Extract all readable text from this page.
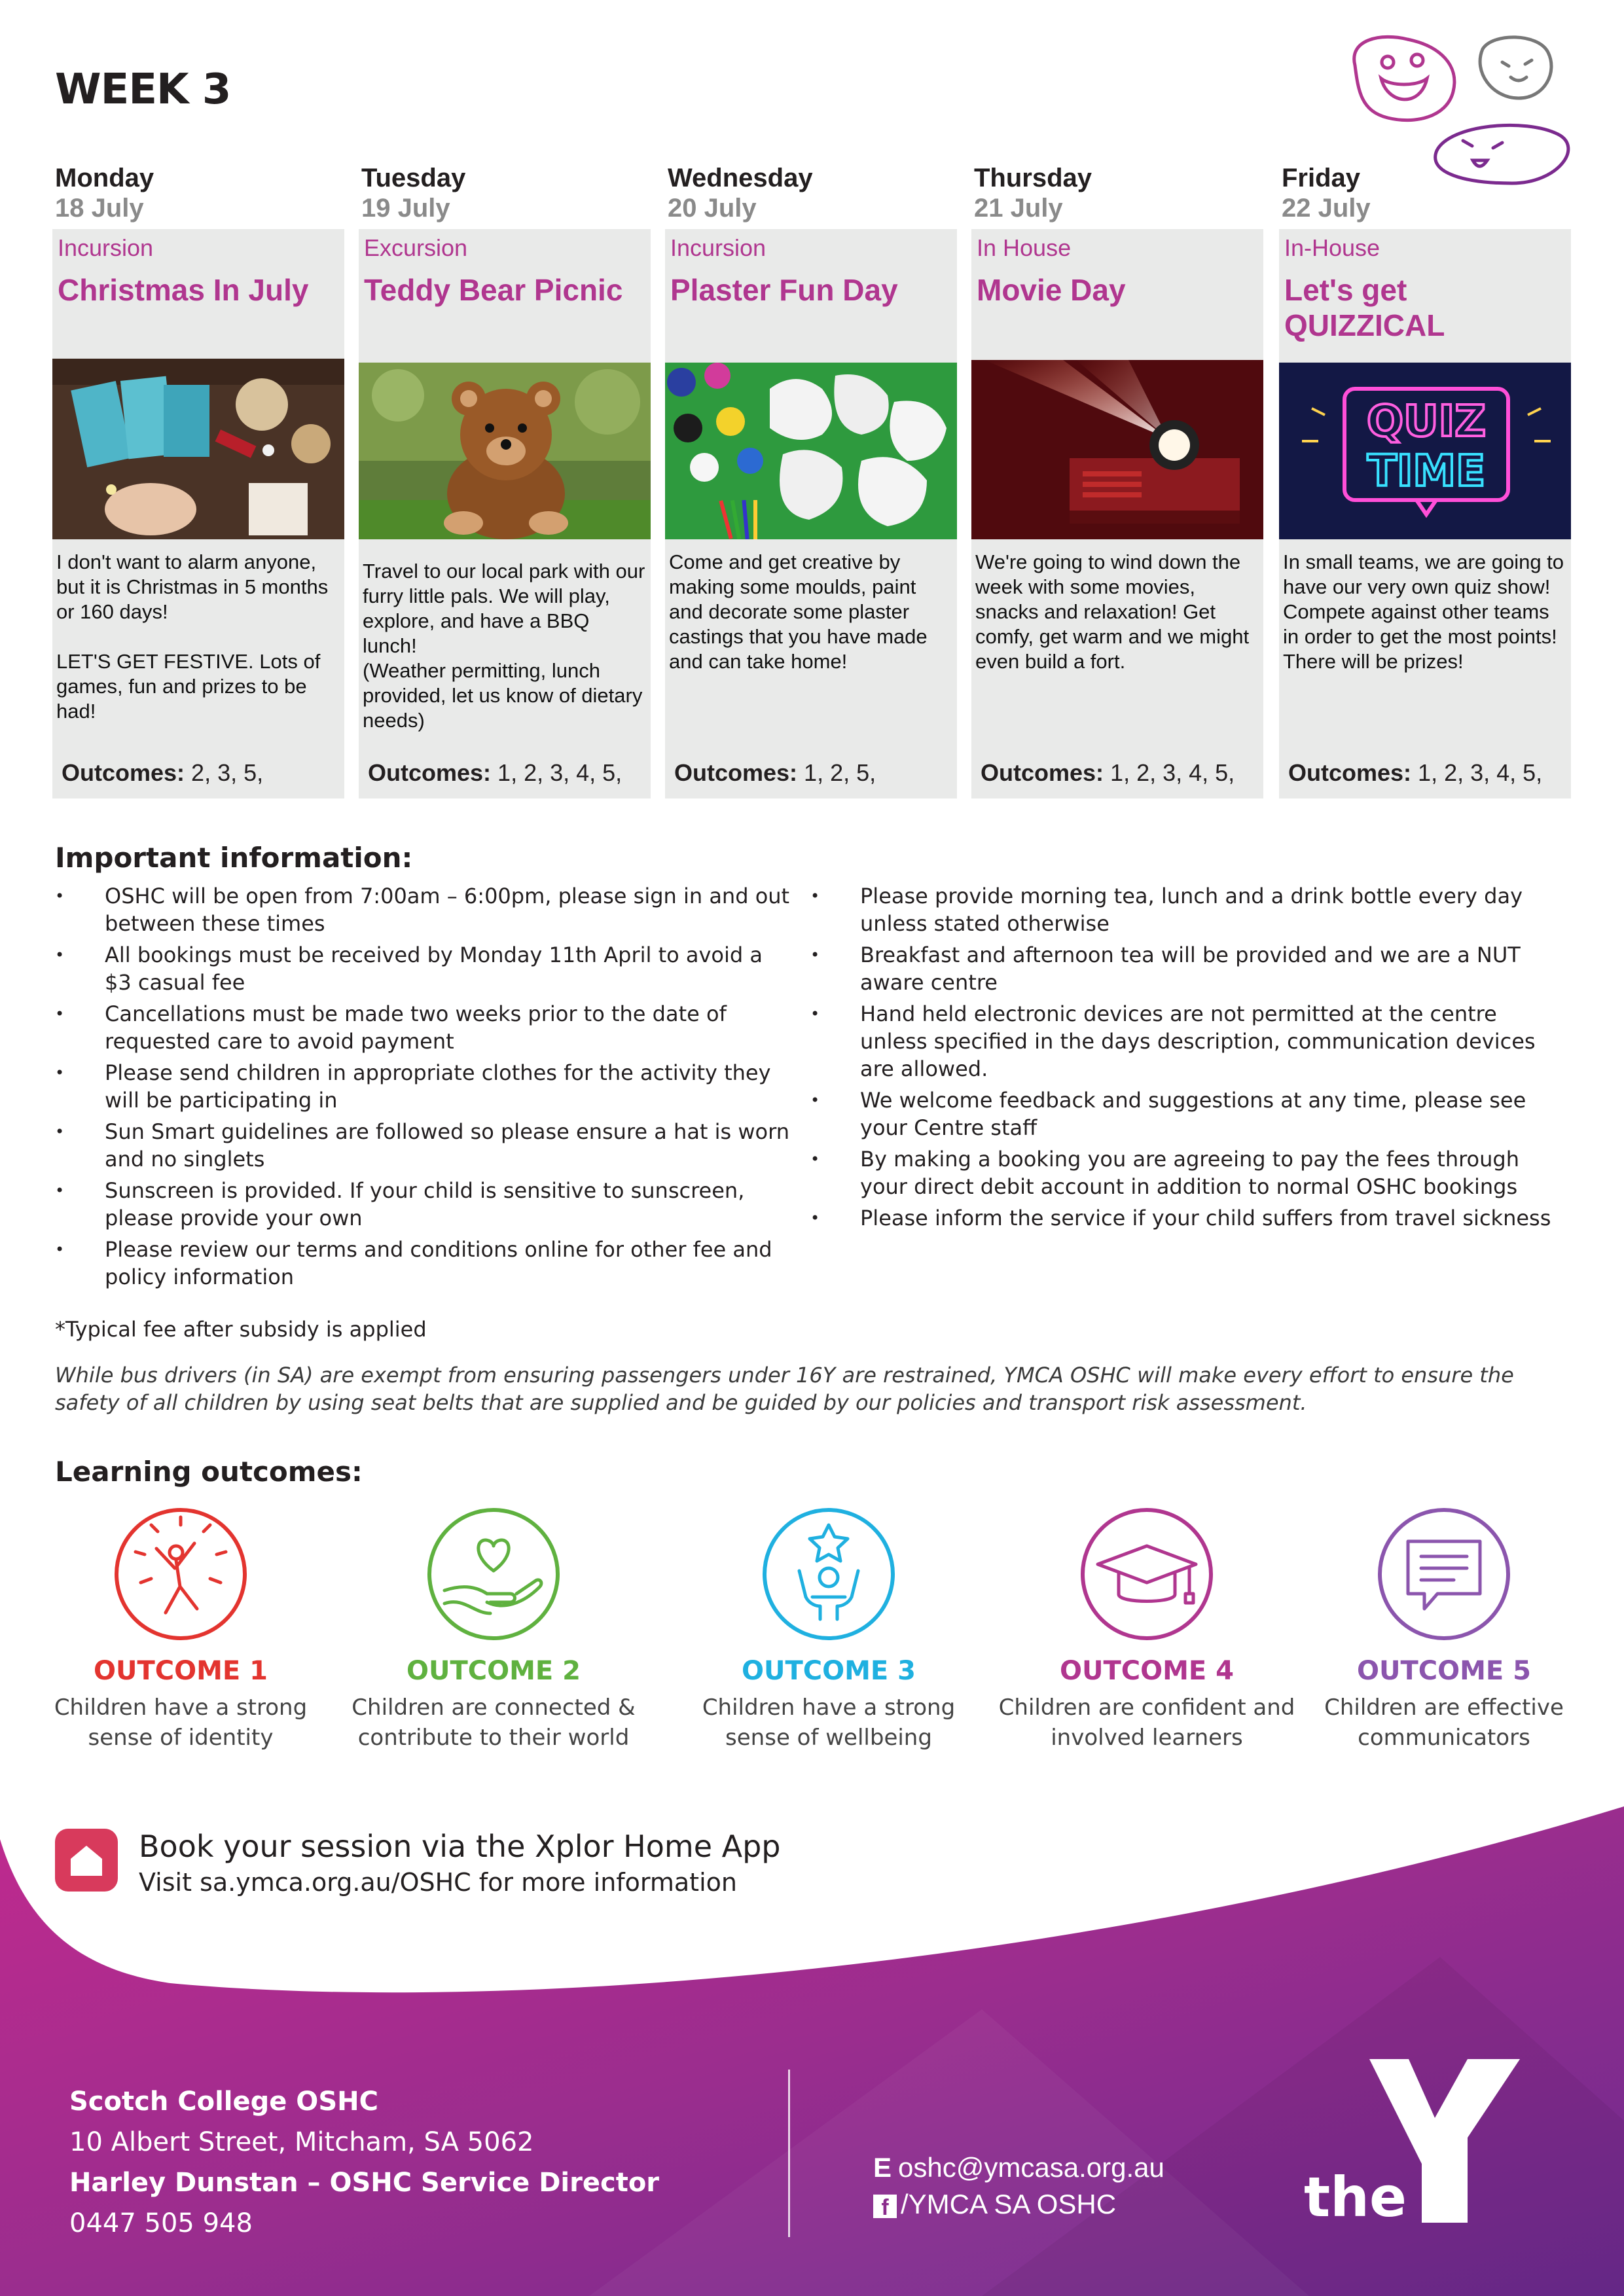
WEEK 3
Monday
18 July
Incursion
Christmas In July
I don't want to alarm anyone, but it is Christmas in 5 months or 160 days!

LET'S GET FESTIVE. Lots of games, fun and prizes to be had!
Outcomes: 2, 3, 5,
Tuesday
19 July
Excursion
Teddy Bear Picnic
Travel to our local park with our furry little pals. We will play, explore, and have a BBQ lunch!
(Weather permitting, lunch provided, let us know of dietary needs)
Outcomes: 1, 2, 3, 4, 5,
Wednesday
20 July
Incursion
Plaster Fun Day
Come and get creative by making some moulds, paint and decorate some plaster castings that you have made and can take home!
Outcomes: 1, 2, 5,
Thursday
21 July
In House
Movie Day
We're going to wind down the week with some movies, snacks and relaxation! Get comfy, get warm and we might even build a fort.
Outcomes: 1, 2, 3, 4, 5,
Friday
22 July
In-House
Let's get QUIZZICAL
QUIZ
TIME
In small teams, we are going to have our very own quiz show! Compete against other teams in order to get the most points! There will be prizes!
Outcomes: 1, 2, 3, 4, 5,
Important information:
• OSHC will be open from 7:00am – 6:00pm, please sign in and out between these times
• All bookings must be received by Monday 11th April to avoid a $3 casual fee
• Cancellations must be made two weeks prior to the date of requested care to avoid payment
• Please send children in appropriate clothes for the activity they will be participating in
• Sun Smart guidelines are followed so please ensure a hat is worn and no singlets
• Sunscreen is provided. If your child is sensitive to sunscreen, please provide your own
• Please review our terms and conditions online for other fee and policy information
• Please provide morning tea, lunch and a drink bottle every day unless stated otherwise
• Breakfast and afternoon tea will be provided and we are a NUT aware centre
• Hand held electronic devices are not permitted at the centre unless specified in the days description, communication devices are allowed.
• We welcome feedback and suggestions at any time, please see your Centre staff
• By making a booking you are agreeing to pay the fees through your direct debit account in addition to normal OSHC bookings
• Please inform the service if your child suffers from travel sickness
*Typical fee after subsidy is applied
While bus drivers (in SA) are exempt from ensuring passengers under 16Y are restrained, YMCA OSHC will make every effort to ensure the safety of all children by using seat belts that are supplied and be guided by our policies and transport risk assessment.
Learning outcomes:
OUTCOME 1
Children have a strong sense of identity
OUTCOME 2
Children are connected & contribute to their world
OUTCOME 3
Children have a strong sense of wellbeing
OUTCOME 4
Children are confident and involved learners
OUTCOME 5
Children are effective communicators
Book your session via the Xplor Home App
Visit sa.ymca.org.au/OSHC for more information
Scotch College OSHC
10 Albert Street, Mitcham, SA 5062
Harley Dunstan – OSHC Service Director
0447 505 948
E oshc@ymcasa.org.au
f /YMCA SA OSHC	the
